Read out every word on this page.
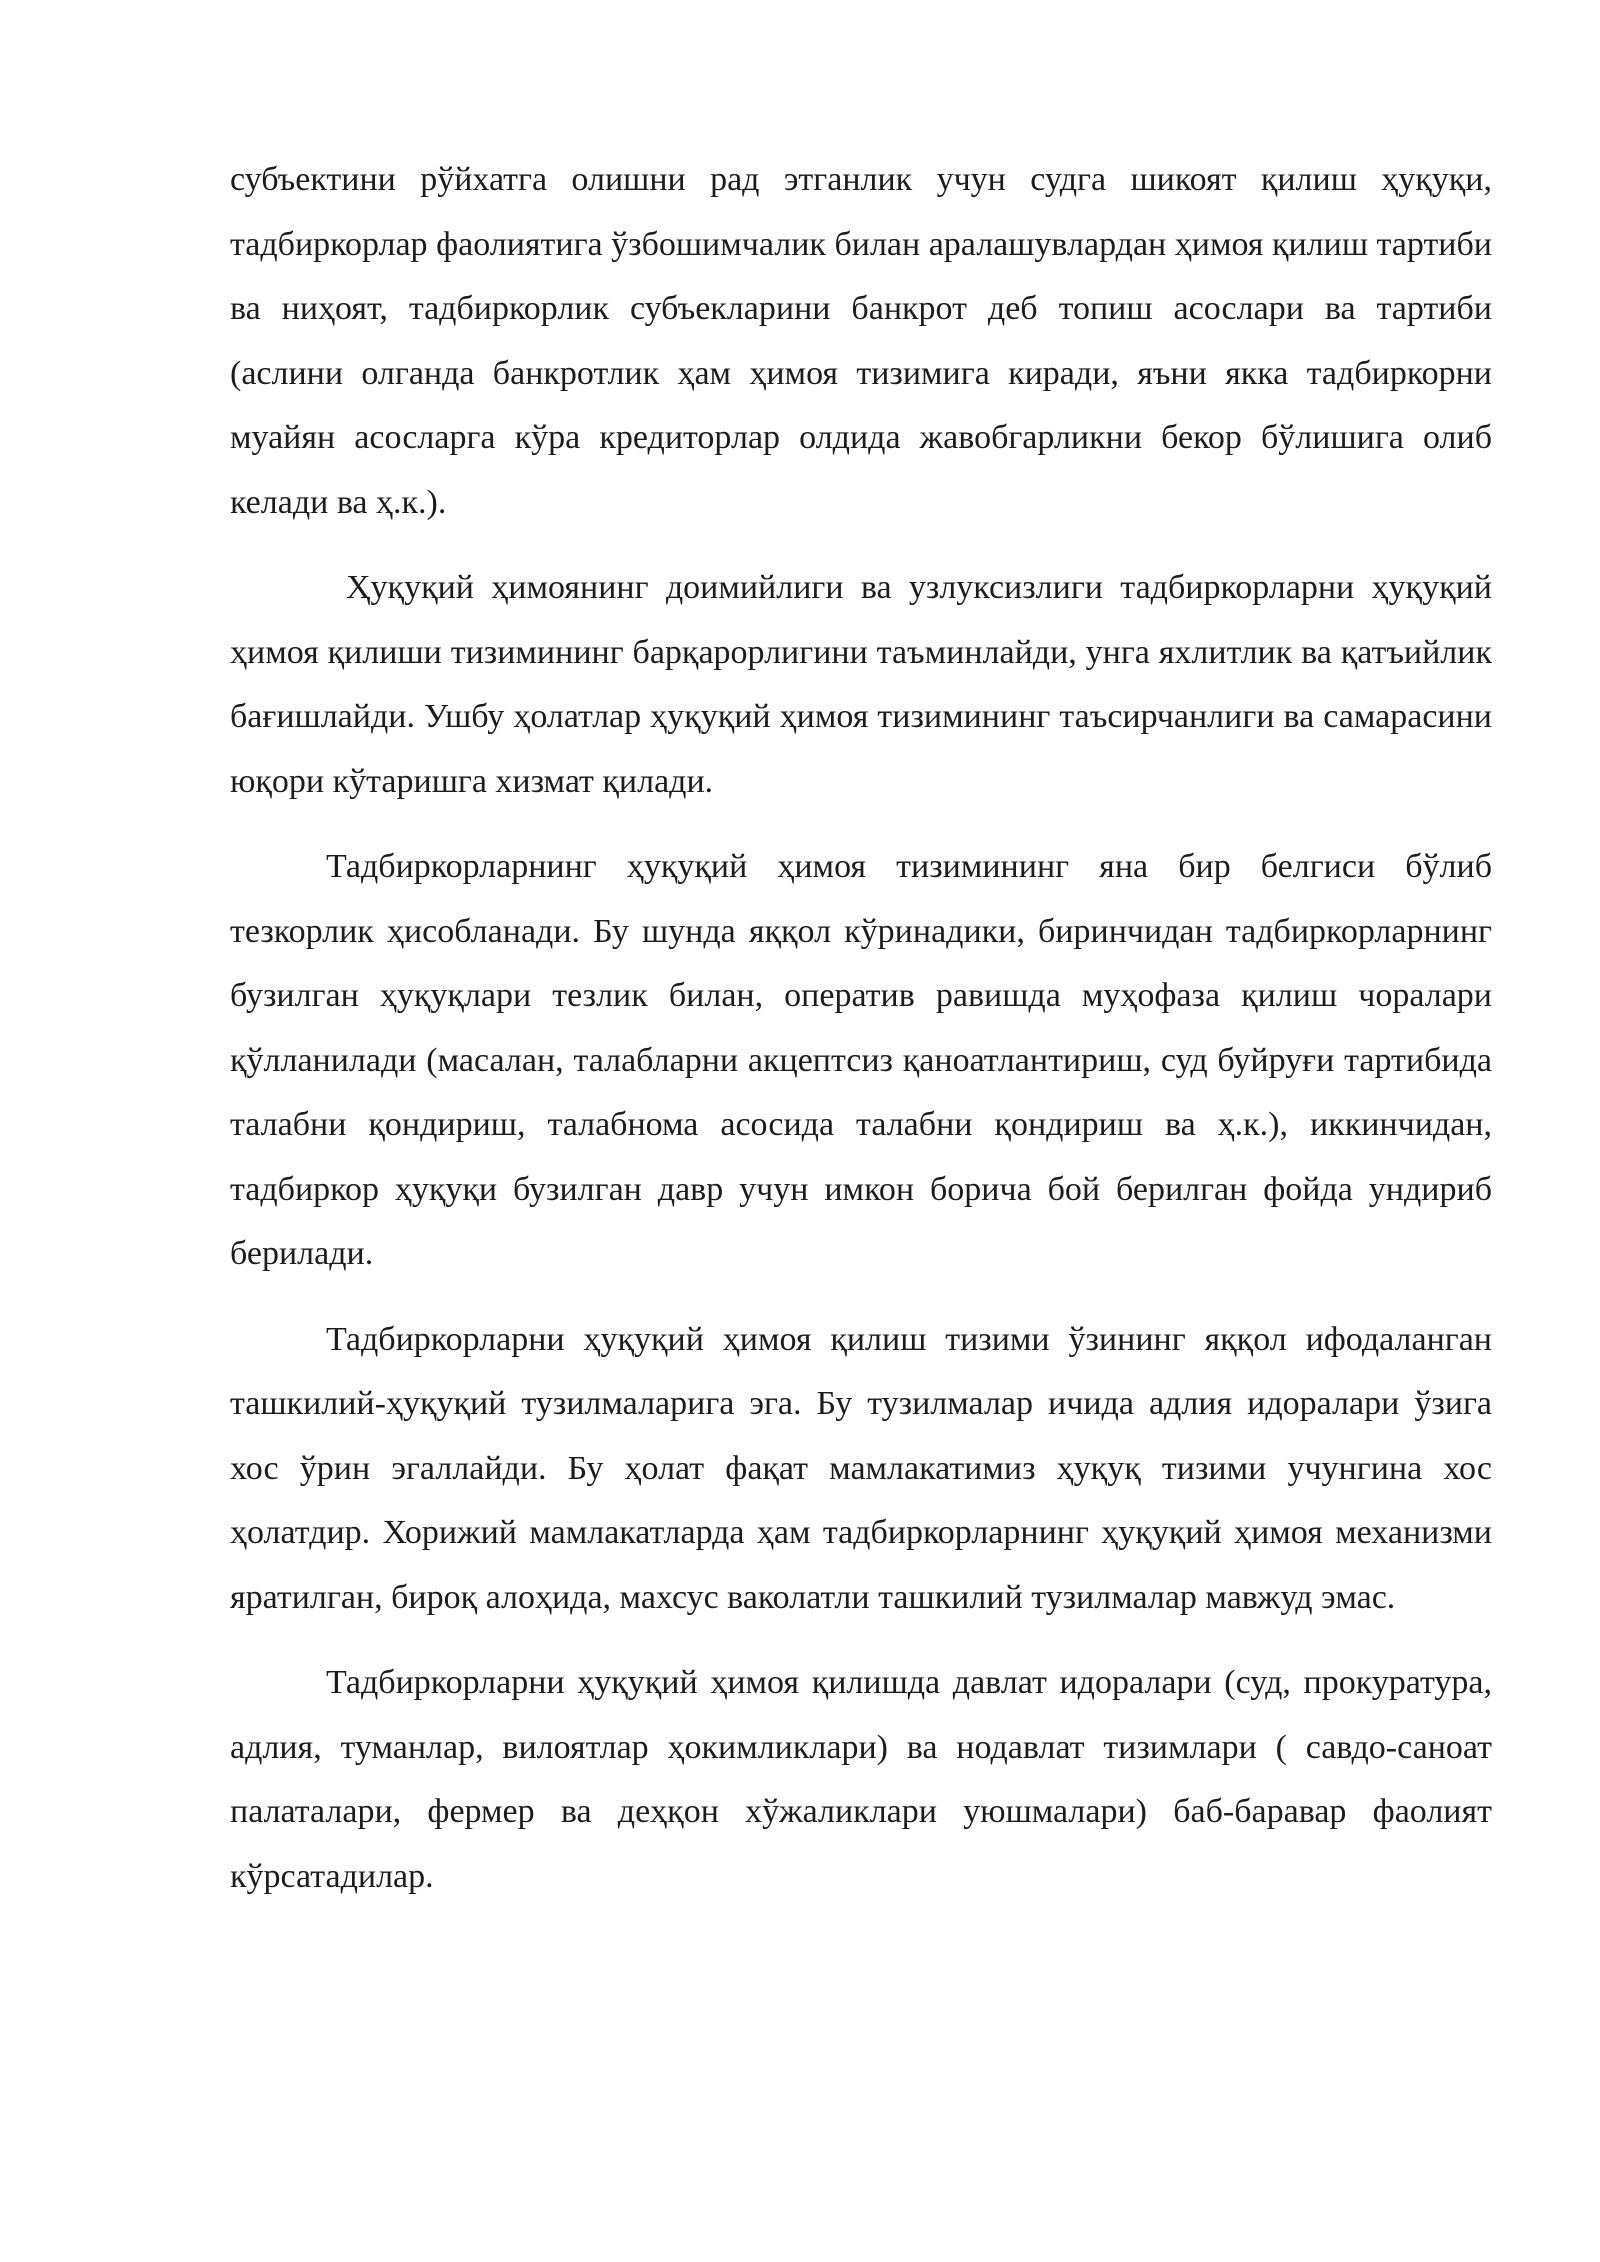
субъектини рўйхатга олишни рад этганлик учун судга шикоят қилиш ҳуқуқи, тадбиркорлар фаолиятига ўзбошимчалик билан аралашувлардан ҳимоя қилиш тартиби ва ниҳоят, тадбиркорлик субъекларини банкрот деб топиш асослари ва тартиби (аслини олганда банкротлик ҳам ҳимоя тизимига киради, яъни якка тадбиркорни муайян асосларга кўра кредиторлар олдида жавобгарликни бекор бўлишига олиб келади ва ҳ.к.).

Ҳуқуқий ҳимоянинг доимийлиги ва узлуксизлиги тадбиркорларни ҳуқуқий ҳимоя қилиши тизимининг барқарорлигини таъминлайди, унга яхлитлик ва қатъийлик бағишлайди. Ушбу ҳолатлар ҳуқуқий ҳимоя тизимининг таъсирчанлиги ва самарасини юқори кўтаришга хизмат қилади.

Тадбиркорларнинг ҳуқуқий ҳимоя тизимининг яна бир белгиси бўлиб тезкорлик ҳисобланади. Бу шунда яққол кўринадики, биринчидан тадбиркорларнинг бузилган ҳуқуқлари тезлик билан, оператив равишда муҳофаза қилиш чоралари қўлланилади (масалан, талабларни акцептсиз қаноатлантириш, суд буйруғи тартибида талабни қондириш, талабнома асосида талабни қондириш ва ҳ.к.), иккинчидан, тадбиркор ҳуқуқи бузилган давр учун имкон борича бой берилган фойда ундириб берилади.

Тадбиркорларни ҳуқуқий ҳимоя қилиш тизими ўзининг яққол ифодаланган ташкилий-ҳуқуқий тузилмаларига эга. Бу тузилмалар ичида адлия идоралари ўзига хос ўрин эгаллайди. Бу ҳолат фақат мамлакатимиз ҳуқуқ тизими учунгина хос ҳолатдир. Хорижий мамлакатларда ҳам тадбиркорларнинг ҳуқуқий ҳимоя механизми яратилган, бироқ алоҳида, махсус ваколатли ташкилий тузилмалар мавжуд эмас.

Тадбиркорларни ҳуқуқий ҳимоя қилишда давлат идоралари (суд, прокуратура, адлия, туманлар, вилоятлар ҳокимликлари) ва нодавлат тизимлари ( савдо-саноат палаталари, фермер ва деҳқон хўжаликлари уюшмалари) баб-баравар фаолият кўрсатадилар.
